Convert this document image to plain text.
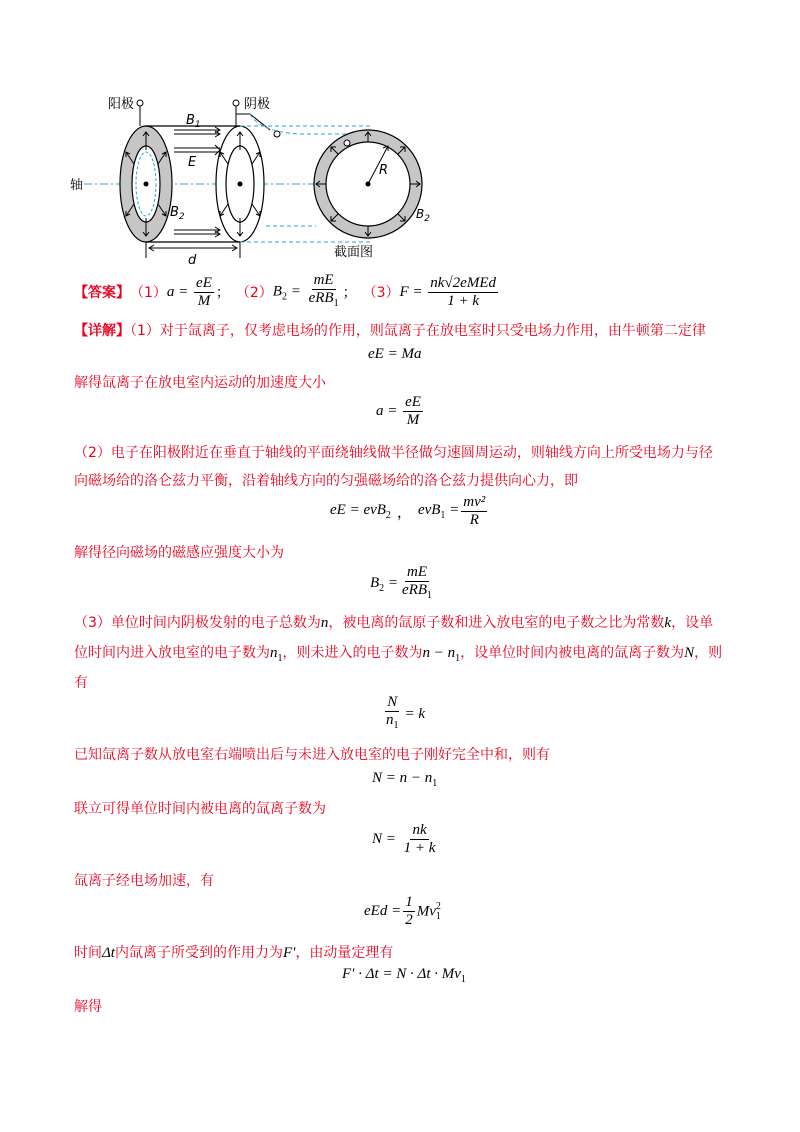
阳极	阴极
轴
截面图
$B_1$
E
$B_2$
d
R
$B_2$
【答案】 （1） $a = \frac{eE}{M}$ ； （2） $B_2 = \frac{mE}{eRB_1}$ ； （3） $F = \frac{\text{nk√2eMEd}}{1 + k}$
【详解】（1）对于氙离子，仅考虑电场的作用，则氙离子在放电室时只受电场力作用，由牛顿第二定律
eE = Ma
解得氙离子在放电室内运动的加速度大小
$a = \frac{eE}{M}$
（2）电子在阳极附近在垂直于轴线的平面绕轴线做半径做匀速圆周运动，则轴线方向上所受电场力与径
向磁场给的洛仑兹力平衡，沿着轴线方向的匀强磁场给的洛仑兹力提供向心力，即
eE = evB$_2$ ， $evB_1 = \frac{\text{mv²}}{R}$
解得径向磁场的磁感应强度大小为
$B_2 = \frac{mE}{eRB_1}$
（3）单位时间内阴极发射的电子总数为n，被电离的氙原子数和进入放电室的电子数之比为常数k，设单
位时间内进入放电室的电子数为$n_1$，则未进入的电子数为$n - n_1$，设单位时间内被电离的氙离子数为N，则
有
$\frac{N}{n_1} = k$
已知氙离子数从放电室右端喷出后与未进入放电室的电子刚好完全中和，则有
$N = n - n_1$
联立可得单位时间内被电离的氙离子数为
$N = \frac{nk}{1 + k}$
氙离子经电场加速，有
eEd = $\frac{1}{2}$ Mv 2
1
时间Δt内氙离子所受到的作用力为F′，由动量定理有
$F' \cdot \Delta t = N \cdot \Delta t \cdot Mv_1$
解得
